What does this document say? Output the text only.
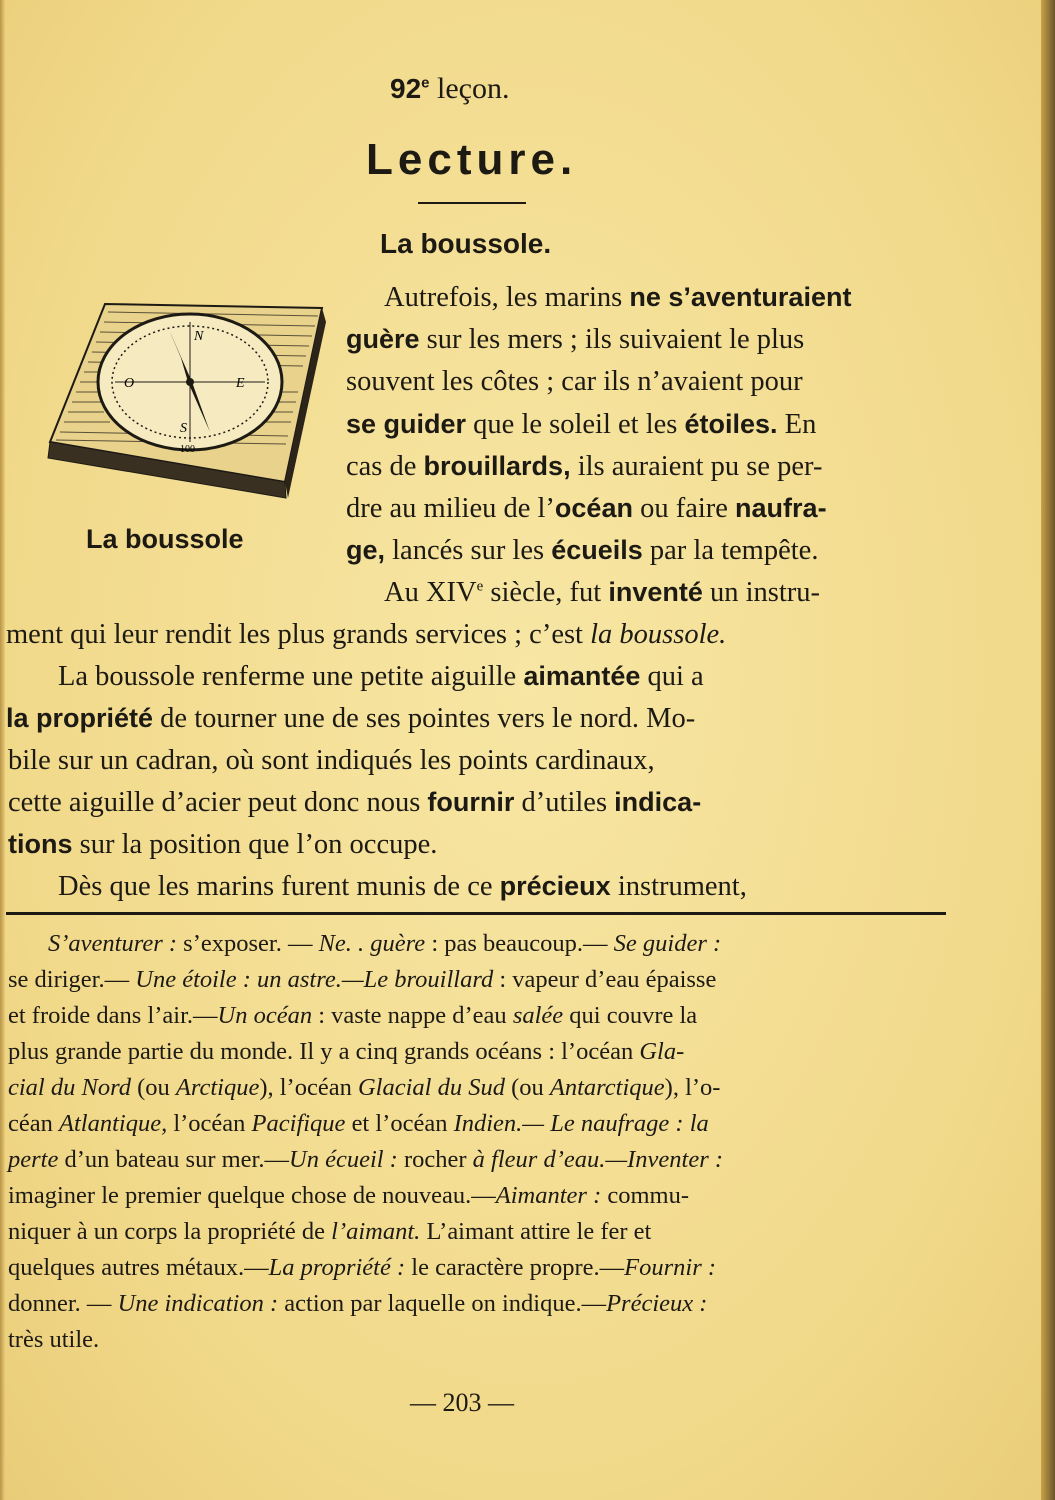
92e leçon.
Lecture.
La boussole.
N
E
S
O
100
La boussole
Autrefois, les marins ne s’aventuraient
guère sur les mers ; ils suivaient le plus
souvent les côtes ; car ils n’avaient pour
se guider que le soleil et les étoiles. En
cas de brouillards, ils auraient pu se per-
dre au milieu de l’océan ou faire naufra-
ge, lancés sur les écueils par la tempête.
Au XIVe siècle, fut inventé un instru-
ment qui leur rendit les plus grands services ; c’est la boussole.
La boussole renferme une petite aiguille aimantée qui a
la propriété de tourner une de ses pointes vers le nord. Mo-
bile sur un cadran, où sont indiqués les points cardinaux,
cette aiguille d’acier peut donc nous fournir d’utiles indica-
tions sur la position que l’on occupe.
Dès que les marins furent munis de ce précieux instrument,
S’aventurer : s’exposer. — Ne. . guère : pas beaucoup.— Se guider :
se diriger.— Une étoile : un astre.—Le brouillard : vapeur d’eau épaisse
et froide dans l’air.—Un océan : vaste nappe d’eau salée qui couvre la
plus grande partie du monde. Il y a cinq grands océans : l’océan Gla-
cial du Nord (ou Arctique), l’océan Glacial du Sud (ou Antarctique), l’o-
céan Atlantique, l’océan Pacifique et l’océan Indien.— Le naufrage : la
perte d’un bateau sur mer.—Un écueil : rocher à fleur d’eau.—Inventer :
imaginer le premier quelque chose de nouveau.—Aimanter : commu-
niquer à un corps la propriété de l’aimant. L’aimant attire le fer et
quelques autres métaux.—La propriété : le caractère propre.—Fournir :
donner. — Une indication : action par laquelle on indique.—Précieux :
très utile.
— 203 —
